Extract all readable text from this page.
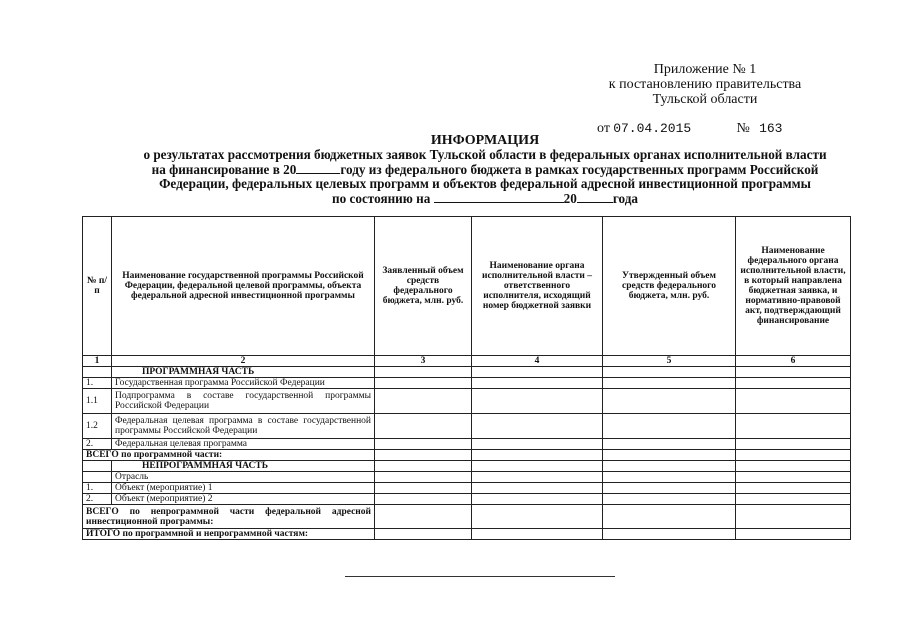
Приложение № 1
к постановлению правительства
Тульской области
от 07.04.2015	№ 163
ИНФОРМАЦИЯ
о результатах рассмотрения бюджетных заявок Тульской области в федеральных органах исполнительной власти
на финансирование в 20	году из федерального бюджета в рамках государственных программ Российской
Федерации, федеральных целевых программ и объектов федеральной адресной инвестиционной программы
по состоянию на	20	года
№ п/п	Наименование государственной программы Российской Федерации, федеральной целевой программы, объекта федеральной адресной инвестиционной программы	Заявленный объем средств федерального бюджета, млн. руб.	Наименование органа исполнительной власти – ответственного исполнителя, исходящий номер бюджетной заявки	Утвержденный объем средств федерального бюджета, млн. руб.	Наименование федерального органа исполнительной власти, в который направлена бюджетная заявка, и нормативно-правовой акт, подтверждающий финансирование
1	2	3	4	5	6
	ПРОГРАММНАЯ ЧАСТЬ				
1.	Государственная программа Российской Федерации				
1.1	Подпрограмма в составе государственной программы Российской Федерации				
1.2	Федеральная целевая программа в составе государственной программы Российской Федерации				
2.	Федеральная целевая программа				
ВСЕГО по программной части:					
	НЕПРОГРАММНАЯ ЧАСТЬ				
	Отрасль				
1.	Объект (мероприятие) 1				
2.	Объект (мероприятие) 2				
ВСЕГО по непрограммной части федеральной адресной инвестиционной программы:					
ИТОГО по программной и непрограммной частям:					
